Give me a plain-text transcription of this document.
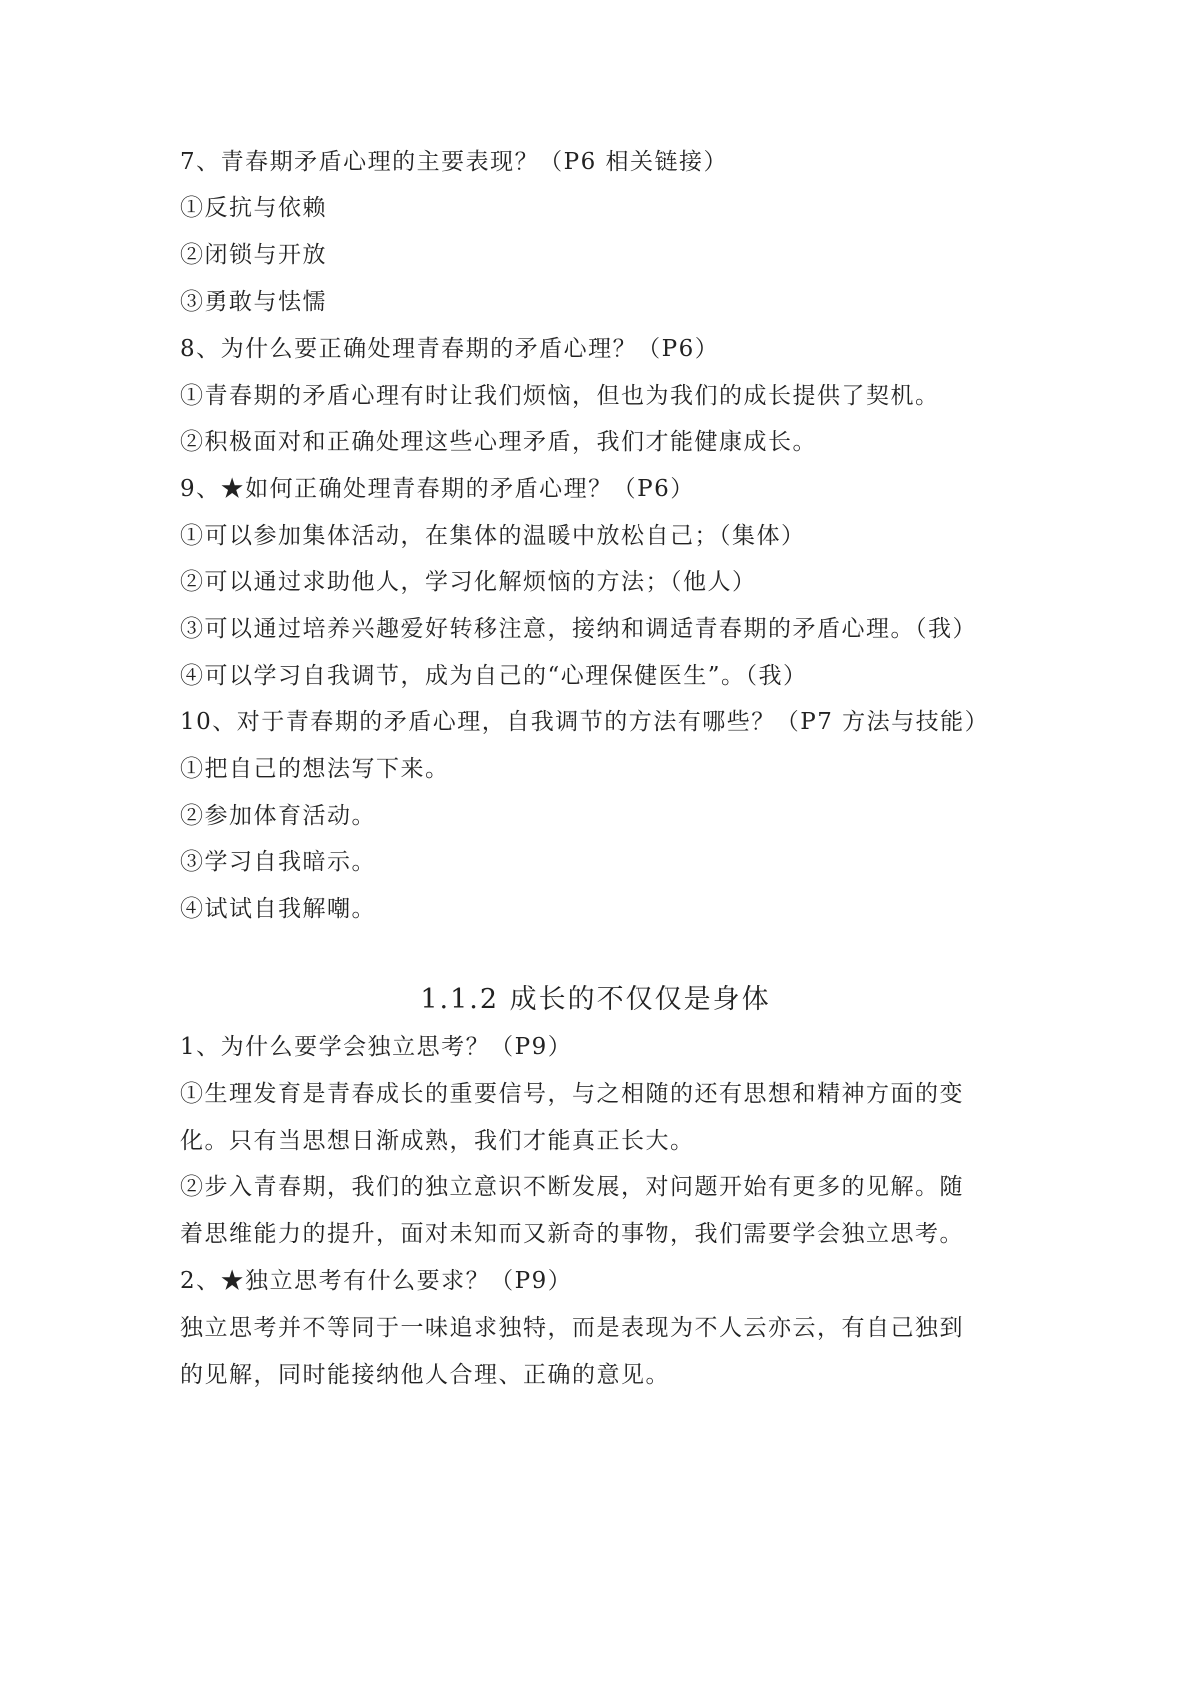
7、青春期矛盾心理的主要表现？（P6 相关链接）
①反抗与依赖
②闭锁与开放
③勇敢与怯懦
8、为什么要正确处理青春期的矛盾心理？（P6）
①青春期的矛盾心理有时让我们烦恼，但也为我们的成长提供了契机。
②积极面对和正确处理这些心理矛盾，我们才能健康成长。
9、★如何正确处理青春期的矛盾心理？（P6）
①可以参加集体活动，在集体的温暖中放松自己；（集体）
②可以通过求助他人，学习化解烦恼的方法；（他人）
③可以通过培养兴趣爱好转移注意，接纳和调适青春期的矛盾心理。（我）
④可以学习自我调节，成为自己的“心理保健医生”。（我）
10、对于青春期的矛盾心理，自我调节的方法有哪些？（P7 方法与技能）
①把自己的想法写下来。
②参加体育活动。
③学习自我暗示。
④试试自我解嘲。
1.1.2 成长的不仅仅是身体
1、为什么要学会独立思考？（P9）
①生理发育是青春成长的重要信号，与之相随的还有思想和精神方面的变
化。只有当思想日渐成熟，我们才能真正长大。
②步入青春期，我们的独立意识不断发展，对问题开始有更多的见解。随
着思维能力的提升，面对未知而又新奇的事物，我们需要学会独立思考。
2、★独立思考有什么要求？（P9）
独立思考并不等同于一味追求独特，而是表现为不人云亦云，有自己独到
的见解，同时能接纳他人合理、正确的意见。
